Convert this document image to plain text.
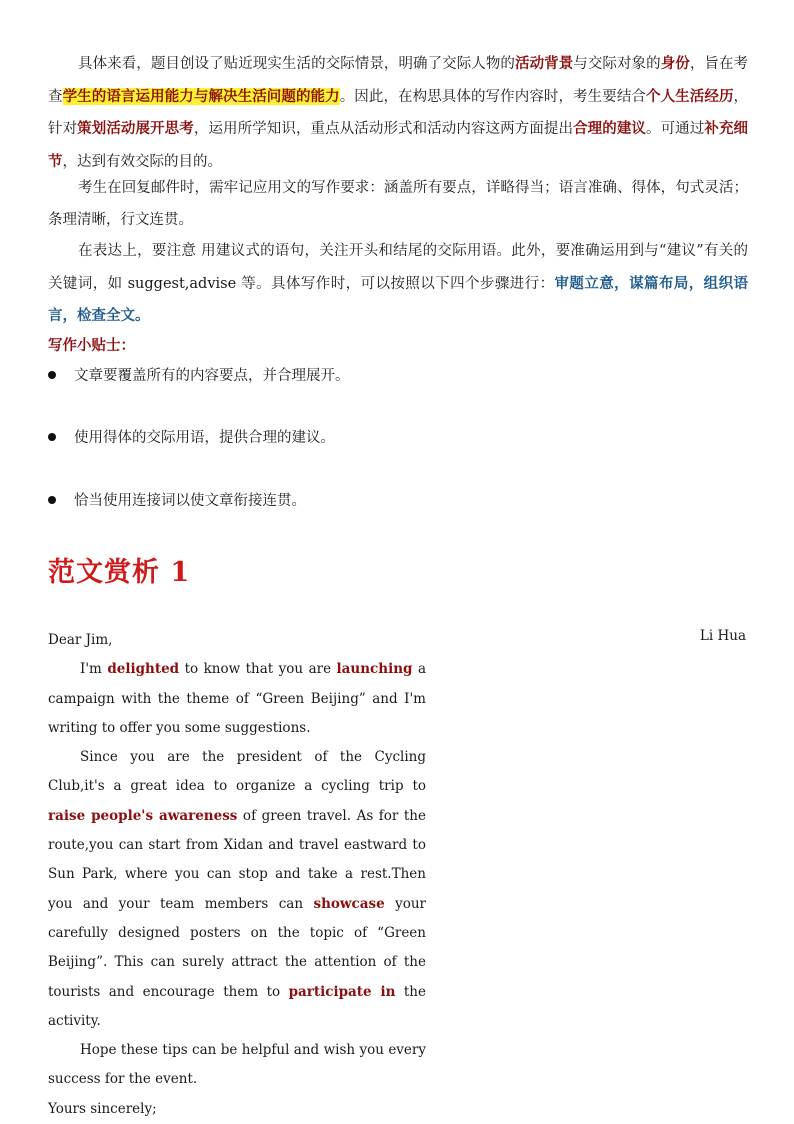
具体来看，题目创设了贴近现实生活的交际情景，明确了交际人物的活动背景与交际对象的身份，旨在考查学生的语言运用能力与解决生活问题的能力。因此，在构思具体的写作内容时，考生要结合个人生活经历，针对策划活动展开思考，运用所学知识，重点从活动形式和活动内容这两方面提出合理的建议。可通过补充细节，达到有效交际的目的。

考生在回复邮件时，需牢记应用文的写作要求：涵盖所有要点，详略得当；语言准确、得体，句式灵活；条理清晰，行文连贯。

在表达上，要注意 用建议式的语句，关注开头和结尾的交际用语。此外，要准确运用到与“建议”有关的关键词，如 suggest,advise 等。具体写作时，可以按照以下四个步骤进行：审题立意，谋篇布局，组织语言，检查全文。

写作小贴士：

文章要覆盖所有的内容要点，并合理展开。

使用得体的交际用语，提供合理的建议。

恰当使用连接词以使文章衔接连贯。

范文赏析 1

Li Hua

Dear Jim,

I'm delighted to know that you are launching a campaign with the theme of “Green Beijing” and I'm writing to offer you some suggestions.

Since you are the president of the Cycling Club,it's a great idea to organize a cycling trip to raise people's awareness of green travel. As for the route,you can start from Xidan and travel eastward to Sun Park, where you can stop and take a rest.Then you and your team members can showcase your carefully designed posters on the topic of “Green Beijing”. This can surely attract the attention of the tourists and encourage them to participate in the activity.

Hope these tips can be helpful and wish you every success for the event.

Yours sincerely;
